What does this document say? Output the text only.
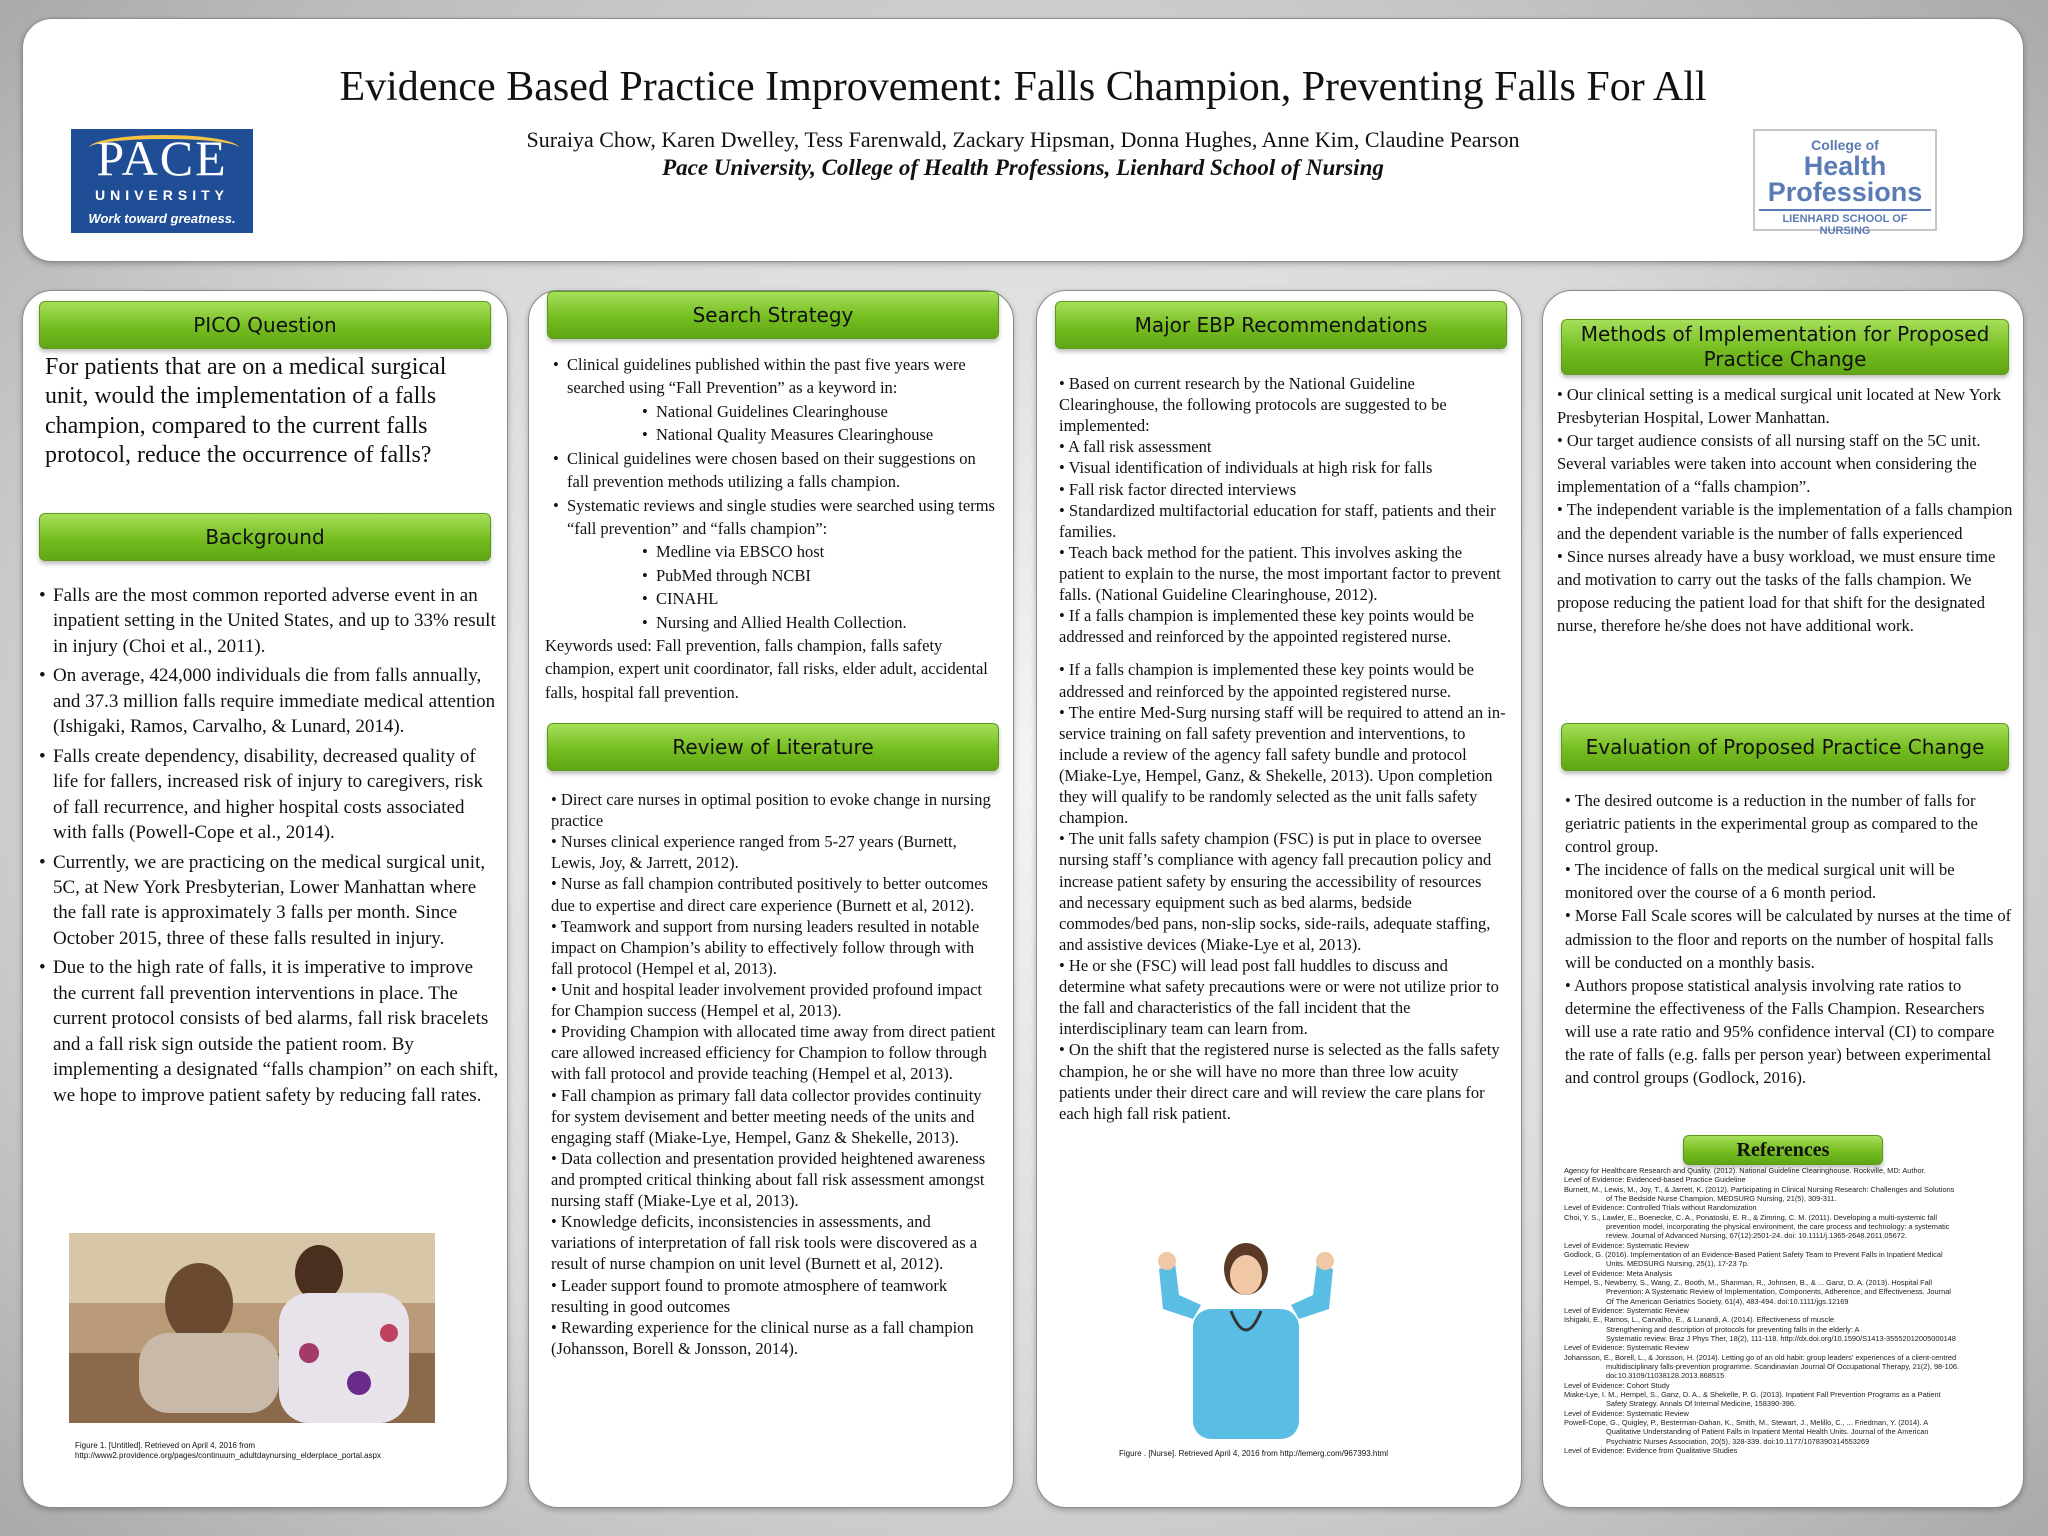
Evidence Based Practice Improvement: Falls Champion, Preventing Falls For All
Suraiya Chow, Karen Dwelley, Tess Farenwald, Zackary Hipsman, Donna Hughes, Anne Kim, Claudine Pearson
Pace University, College of Health Professions, Lienhard School of Nursing
PACE
UNIVERSITY
Work toward greatness.
College of
Health
Professions
LIENHARD SCHOOL OF NURSING
PICO Question
For patients that are on a medical surgical unit, would the implementation of a falls champion, compared to the current falls protocol, reduce the occurrence of falls?
Background
• Falls are the most common reported adverse event in an inpatient setting in the United States, and up to 33% result in injury (Choi et al., 2011).
• On average, 424,000 individuals die from falls annually, and 37.3 million falls require immediate medical attention (Ishigaki, Ramos, Carvalho, & Lunard, 2014).
• Falls create dependency, disability, decreased quality of life for fallers, increased risk of injury to caregivers, risk of fall recurrence, and higher hospital costs associated with falls (Powell-Cope et al., 2014).
• Currently, we are practicing on the medical surgical unit, 5C, at New York Presbyterian, Lower Manhattan where the fall rate is approximately 3 falls per month. Since October 2015, three of these falls resulted in injury.
• Due to the high rate of falls, it is imperative to improve the current fall prevention interventions in place. The current protocol consists of bed alarms, fall risk bracelets and a fall risk sign outside the patient room. By implementing a designated “falls champion” on each shift, we hope to improve patient safety by reducing fall rates.
Figure 1. [Untitled]. Retrieved on April 4, 2016 from
http://www2.providence.org/pages/continuum_adultdaynursing_elderplace_portal.aspx
Search Strategy
• Clinical guidelines published within the past five years were searched using “Fall Prevention” as a keyword in:
• National Guidelines Clearinghouse
• National Quality Measures Clearinghouse
• Clinical guidelines were chosen based on their suggestions on fall prevention methods utilizing a falls champion.
• Systematic reviews and single studies were searched using terms “fall prevention” and “falls champion”:
• Medline via EBSCO host
• PubMed through NCBI
• CINAHL
• Nursing and Allied Health Collection.

Keywords used: Fall prevention, falls champion, falls safety champion, expert unit coordinator, fall risks, elder adult, accidental falls, hospital fall prevention.

Review of Literature

• Direct care nurses in optimal position to evoke change in nursing practice

• Nurses clinical experience ranged from 5-27 years (Burnett, Lewis, Joy, & Jarrett, 2012).

• Nurse as fall champion contributed positively to better outcomes due to expertise and direct care experience (Burnett et al, 2012).

• Teamwork and support from nursing leaders resulted in notable impact on Champion’s ability to effectively follow through with fall protocol (Hempel et al, 2013).

• Unit and hospital leader involvement provided profound impact for Champion success (Hempel et al, 2013).

• Providing Champion with allocated time away from direct patient care allowed increased efficiency for Champion to follow through with fall protocol and provide teaching (Hempel et al, 2013).

• Fall champion as primary fall data collector provides continuity for system devisement and better meeting needs of the units and engaging staff (Miake-Lye, Hempel, Ganz & Shekelle, 2013).

• Data collection and presentation provided heightened awareness and prompted critical thinking about fall risk assessment amongst nursing staff (Miake-Lye et al, 2013).

• Knowledge deficits, inconsistencies in assessments, and variations of interpretation of fall risk tools were discovered as a result of nurse champion on unit level (Burnett et al, 2012).

• Leader support found to promote atmosphere of teamwork resulting in good outcomes

• Rewarding experience for the clinical nurse as a fall champion (Johansson, Borell & Jonsson, 2014).

Major EBP Recommendations

• Based on current research by the National Guideline Clearinghouse, the following protocols are suggested to be implemented:

• A fall risk assessment

• Visual identification of individuals at high risk for falls

• Fall risk factor directed interviews

• Standardized multifactorial education for staff, patients and their families.

• Teach back method for the patient. This involves asking the patient to explain to the nurse, the most important factor to prevent falls. (National Guideline Clearinghouse, 2012).

• If a falls champion is implemented these key points would be addressed and reinforced by the appointed registered nurse.

• If a falls champion is implemented these key points would be addressed and reinforced by the appointed registered nurse.

• The entire Med-Surg nursing staff will be required to attend an in-service training on fall safety prevention and interventions, to include a review of the agency fall safety bundle and protocol (Miake-Lye, Hempel, Ganz, & Shekelle, 2013). Upon completion they will qualify to be randomly selected as the unit falls safety champion.

• The unit falls safety champion (FSC) is put in place to oversee nursing staff’s compliance with agency fall precaution policy and increase patient safety by ensuring the accessibility of resources and necessary equipment such as bed alarms, bedside commodes/bed pans, non-slip socks, side-rails, adequate staffing, and assistive devices (Miake-Lye et al, 2013).

• He or she (FSC) will lead post fall huddles to discuss and determine what safety precautions were or were not utilize prior to the fall and characteristics of the fall incident that the interdisciplinary team can learn from.

• On the shift that the registered nurse is selected as the falls safety champion, he or she will have no more than three low acuity patients under their direct care and will review the care plans for each high fall risk patient.

Figure . [Nurse]. Retrieved April 4, 2016 from http://lemerg.com/967393.html
Methods of Implementation for Proposed Practice Change

• Our clinical setting is a medical surgical unit located at New York Presbyterian Hospital, Lower Manhattan.

• Our target audience consists of all nursing staff on the 5C unit. Several variables were taken into account when considering the implementation of a “falls champion”.

• The independent variable is the implementation of a falls champion and the dependent variable is the number of falls experienced

• Since nurses already have a busy workload, we must ensure time and motivation to carry out the tasks of the falls champion. We propose reducing the patient load for that shift for the designated nurse, therefore he/she does not have additional work.

Evaluation of Proposed Practice Change

• The desired outcome is a reduction in the number of falls for geriatric patients in the experimental group as compared to the control group.

• The incidence of falls on the medical surgical unit will be monitored over the course of a 6 month period.

• Morse Fall Scale scores will be calculated by nurses at the time of admission to the floor and reports on the number of hospital falls will be conducted on a monthly basis.

• Authors propose statistical analysis involving rate ratios to determine the effectiveness of the Falls Champion. Researchers will use a rate ratio and 95% confidence interval (CI) to compare the rate of falls (e.g. falls per person year) between experimental and control groups (Godlock, 2016).

References

Agency for Healthcare Research and Quality. (2012). National Guideline Clearinghouse. Rockville, MD: Author.

Level of Evidence: Evidenced-based Practice Guideline

Burnett, M., Lewis, M., Joy, T., & Jarrett, K. (2012). Participating in Clinical Nursing Research: Challenges and Solutions

of The Bedside Nurse Champion. MEDSURG Nursing, 21(5), 309-311.

Level of Evidence: Controlled Trials without Randomization

Choi, Y. S., Lawler, E., Boenecke, C. A., Ponatoski, E. R., & Zimring, C. M. (2011). Developing a multi-systemic fall

prevention model, incorporating the physical environment, the care process and technology: a systematic

review. Journal of Advanced Nursing, 67(12):2501-24. doi: 10.1111/j.1365-2648.2011.05672.

Level of Evidence: Systematic Review

Godlock, G. (2016). Implementation of an Evidence-Based Patient Safety Team to Prevent Falls in Inpatient Medical

Units. MEDSURG Nursing, 25(1), 17-23 7p.

Level of Evidence: Meta Analysis

Hempel, S., Newberry, S., Wang, Z., Booth, M., Shanman, R., Johnsen, B., & ... Ganz, D. A. (2013). Hospital Fall

Prevention: A Systematic Review of Implementation, Components, Adherence, and Effectiveness. Journal

Of The American Geriatrics Society, 61(4), 483-494. doi:10.1111/jgs.12169

Level of Evidence: Systematic Review

Ishigaki, E., Ramos, L., Carvalho, E., & Lunardi, A. (2014). Effectiveness of muscle

Strengthening and description of protocols for preventing falls in the elderly: A

Systematic review. Braz J Phys Ther, 18(2), 111-118. http://dx.doi.org/10.1590/S1413-35552012005000148

Level of Evidence: Systematic Review

Johansson, E., Borell, L., & Jonsson, H. (2014). Letting go of an old habit: group leaders' experiences of a client-centred

multidisciplinary falls-prevention programme. Scandinavian Journal Of Occupational Therapy, 21(2), 98-106.

doi:10.3109/11038128.2013.868515

Level of Evidence: Cohort Study

Miake-Lye, I. M., Hempel, S., Ganz, D. A., & Shekelle, P. G. (2013). Inpatient Fall Prevention Programs as a Patient

Safety Strategy. Annals Of Internal Medicine, 158390-396.

Level of Evidence: Systematic Review

Powell-Cope, G., Quigley, P., Besterman-Dahan, K., Smith, M., Stewart, J., Melillo, C., ... Friedman, Y. (2014). A

Qualitative Understanding of Patient Falls in Inpatient Mental Health Units. Journal of the American

Psychiatric Nurses Association, 20(5), 328-339. doi:10.1177/1078390314553269

Level of Evidence: Evidence from Qualitative Studies
